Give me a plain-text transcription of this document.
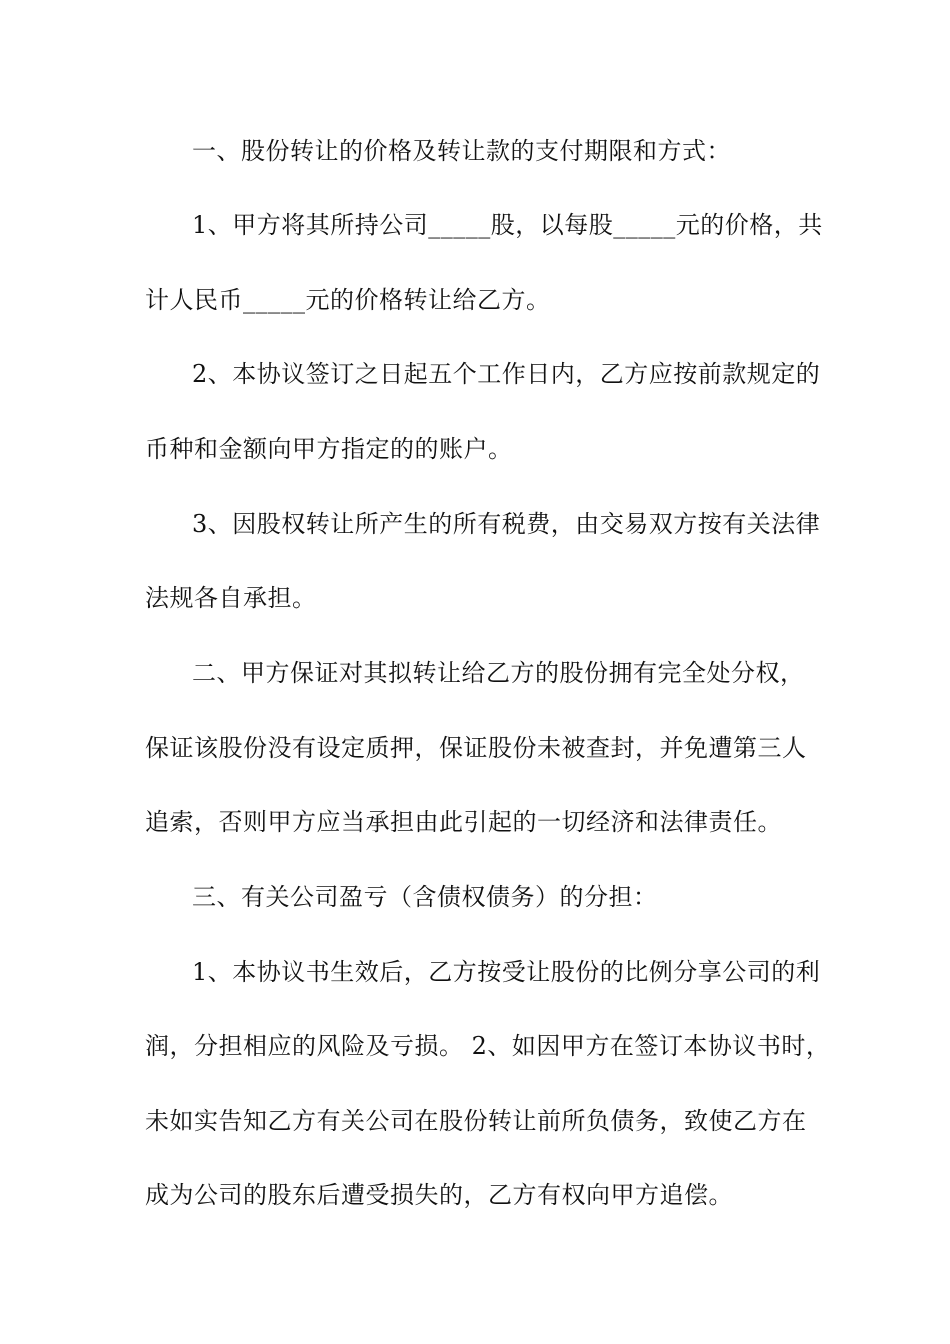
一、股份转让的价格及转让款的支付期限和方式：
1、甲方将其所持公司_____股，以每股_____元的价格，共
计人民币_____元的价格转让给乙方。
2、本协议签订之日起五个工作日内，乙方应按前款规定的
币种和金额向甲方指定的的账户。
3、因股权转让所产生的所有税费，由交易双方按有关法律
法规各自承担。
二、甲方保证对其拟转让给乙方的股份拥有完全处分权，
保证该股份没有设定质押，保证股份未被查封，并免遭第三人
追索，否则甲方应当承担由此引起的一切经济和法律责任。
三、有关公司盈亏（含债权债务）的分担：
1、本协议书生效后，乙方按受让股份的比例分享公司的利
润，分担相应的风险及亏损。 2、如因甲方在签订本协议书时，
未如实告知乙方有关公司在股份转让前所负债务，致使乙方在
成为公司的股东后遭受损失的，乙方有权向甲方追偿。
